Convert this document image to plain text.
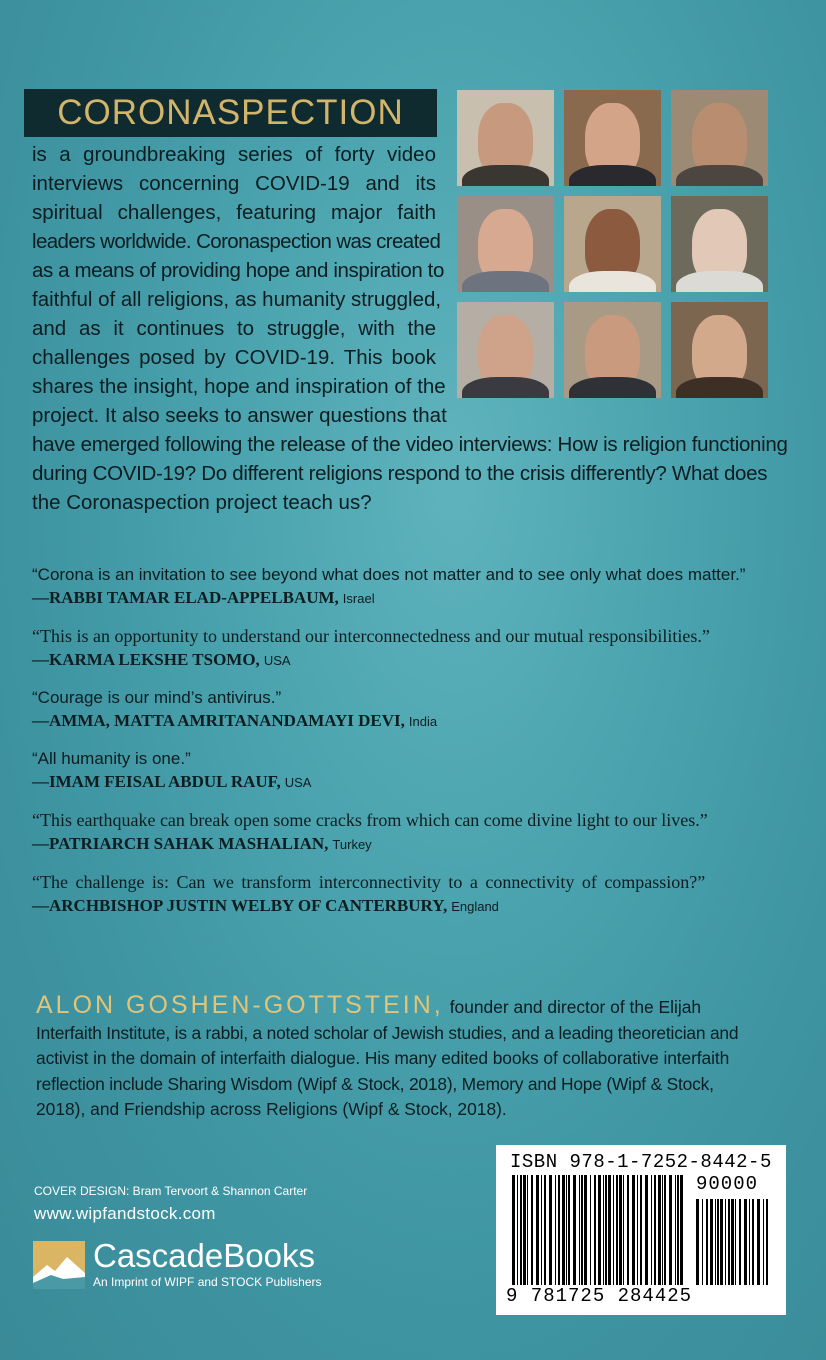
CORONASPECTION
is a groundbreaking series of forty video
interviews concerning COVID-19 and its
spiritual challenges, featuring major faith
leaders worldwide. Coronaspection was created
as a means of providing hope and inspiration to
faithful of all religions, as humanity struggled,
and as it continues to struggle, with the
challenges posed by COVID-19. This book
shares the insight, hope and inspiration of the
project. It also seeks to answer questions that
have emerged following the release of the video interviews: How is religion functioning
during COVID-19? Do different religions respond to the crisis differently? What does
the Coronaspection project teach us?
“Corona is an invitation to see beyond what does not matter and to see only what does matter.”
—RABBI TAMAR ELAD-APPELBAUM, Israel
“This is an opportunity to understand our interconnectedness and our mutual responsibilities.”
—KARMA LEKSHE TSOMO, USA
“Courage is our mind’s antivirus.”
—AMMA, MATTA AMRITANANDAMAYI DEVI, India
“All humanity is one.”
—IMAM FEISAL ABDUL RAUF, USA
“This earthquake can break open some cracks from which can come divine light to our lives.”
—PATRIARCH SAHAK MASHALIAN, Turkey
“The challenge is: Can we transform interconnectivity to a connectivity of compassion?”
—ARCHBISHOP JUSTIN WELBY OF CANTERBURY, England
ALON GOSHEN-GOTTSTEIN, founder and director of the Elijah
Interfaith Institute, is a rabbi, a noted scholar of Jewish studies, and a leading theoretician and
activist in the domain of interfaith dialogue. His many edited books of collaborative interfaith
reflection include Sharing Wisdom (Wipf & Stock, 2018), Memory and Hope (Wipf & Stock,
2018), and Friendship across Religions (Wipf & Stock, 2018).
COVER DESIGN: Bram Tervoort & Shannon Carter
www.wipfandstock.com
CascadeBooks
An Imprint of WIPF and STOCK Publishers
ISBN 978-1-7252-8442-5
90000
9 781725 284425
